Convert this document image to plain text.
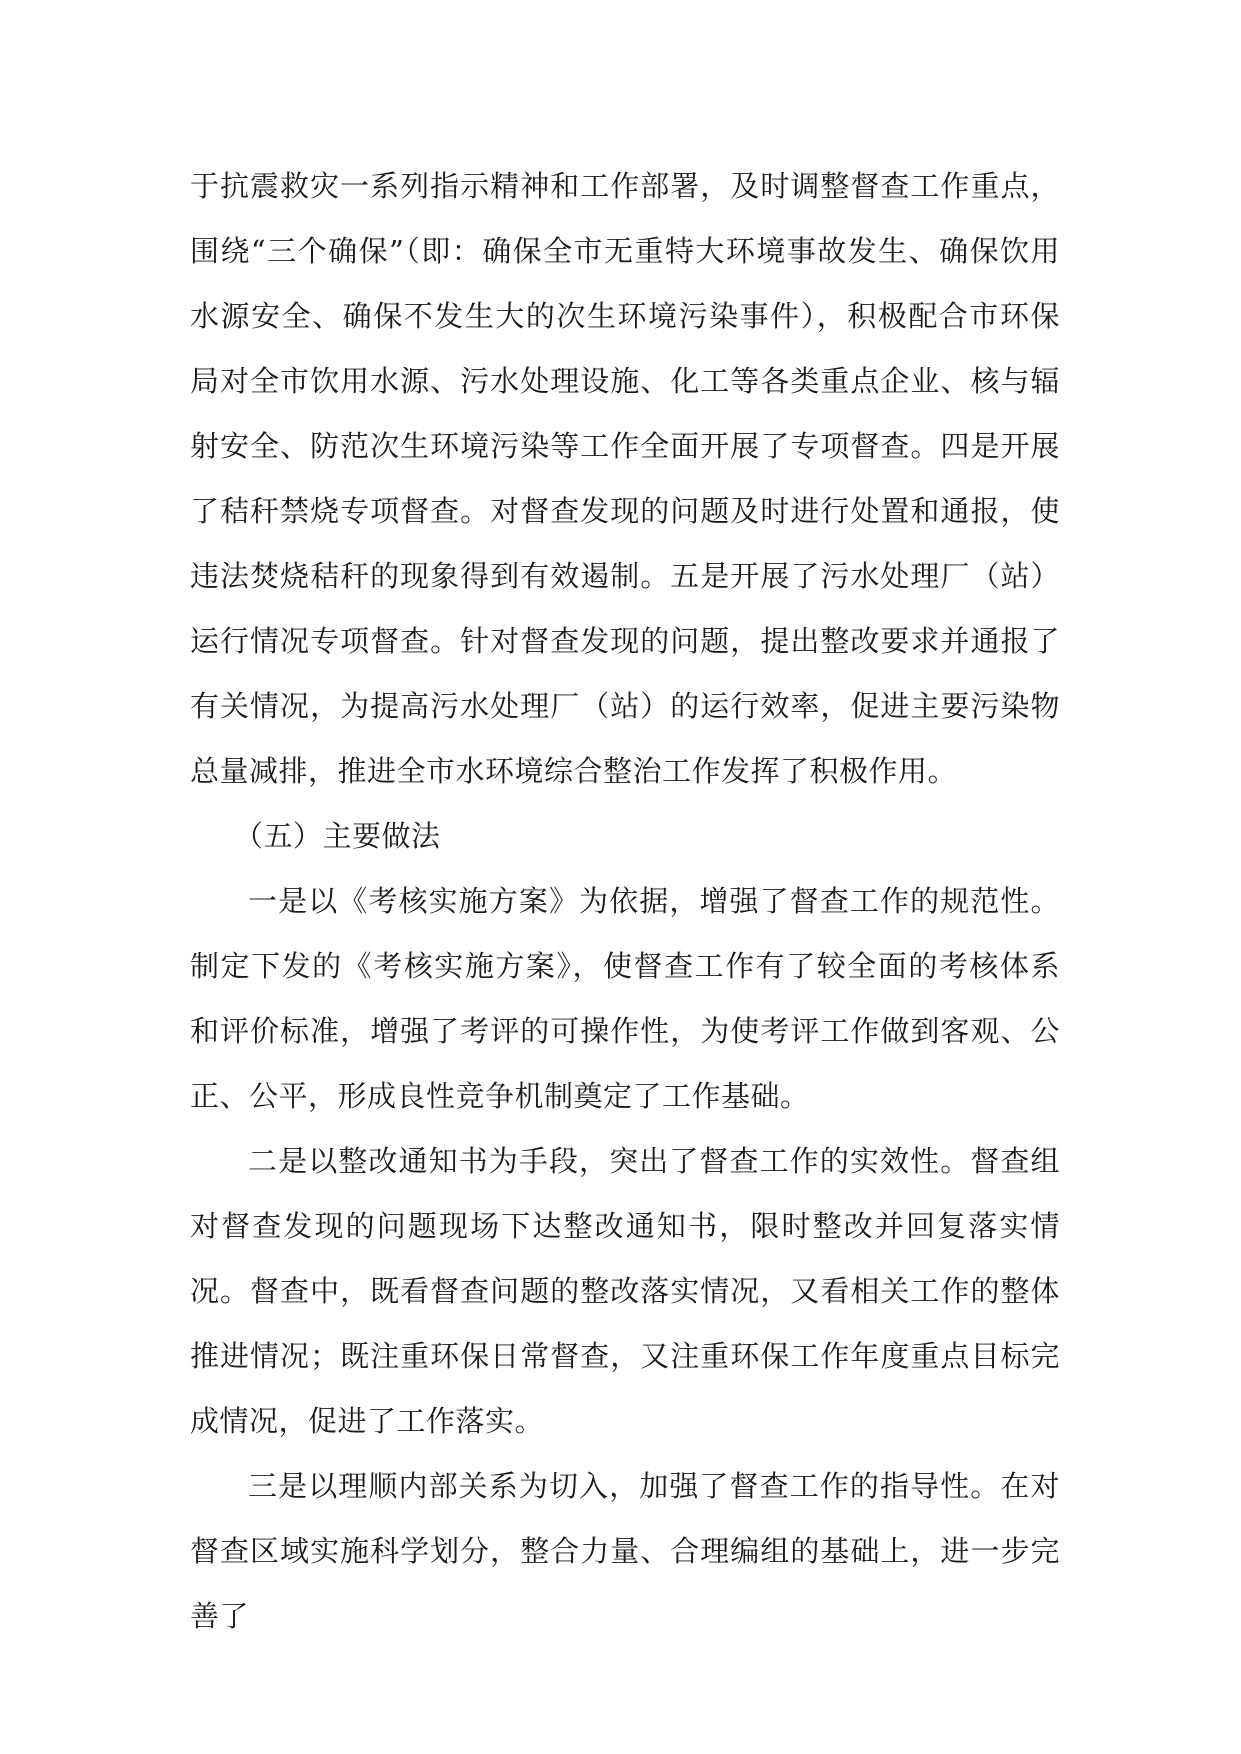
于抗震救灾一系列指示精神和工作部署，及时调整督查工作重点，围绕“三个确保”（即：确保全市无重特大环境事故发生、确保饮用水源安全、确保不发生大的次生环境污染事件），积极配合市环保局对全市饮用水源、污水处理设施、化工等各类重点企业、核与辐射安全、防范次生环境污染等工作全面开展了专项督查。四是开展了秸秆禁烧专项督查。对督查发现的问题及时进行处置和通报，使违法焚烧秸秆的现象得到有效遏制。五是开展了污水处理厂（站）运行情况专项督查。针对督查发现的问题，提出整改要求并通报了有关情况，为提高污水处理厂（站）的运行效率，促进主要污染物总量减排，推进全市水环境综合整治工作发挥了积极作用。

（五）主要做法

一是以《考核实施方案》为依据，增强了督查工作的规范性。制定下发的《考核实施方案》，使督查工作有了较全面的考核体系和评价标准，增强了考评的可操作性，为使考评工作做到客观、公正、公平，形成良性竞争机制奠定了工作基础。

二是以整改通知书为手段，突出了督查工作的实效性。督查组对督查发现的问题现场下达整改通知书，限时整改并回复落实情况。督查中，既看督查问题的整改落实情况，又看相关工作的整体推进情况；既注重环保日常督查，又注重环保工作年度重点目标完成情况，促进了工作落实。

三是以理顺内部关系为切入，加强了督查工作的指导性。在对督查区域实施科学划分，整合力量、合理编组的基础上，进一步完善了
